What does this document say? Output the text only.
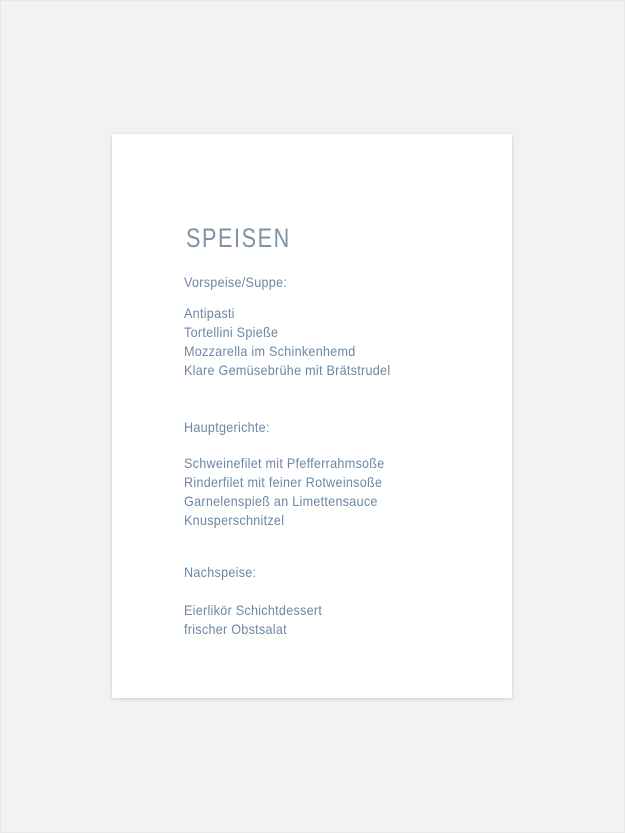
SPEISEN
Vorspeise/Suppe:
Antipasti
Tortellini Spieße
Mozzarella im Schinkenhemd
Klare Gemüsebrühe mit Brätstrudel
Hauptgerichte:
Schweinefilet mit Pfefferrahmsoße
Rinderfilet mit feiner Rotweinsoße
Garnelenspieß an Limettensauce
Knusperschnitzel
Nachspeise:
Eierlikör Schichtdessert
frischer Obstsalat
